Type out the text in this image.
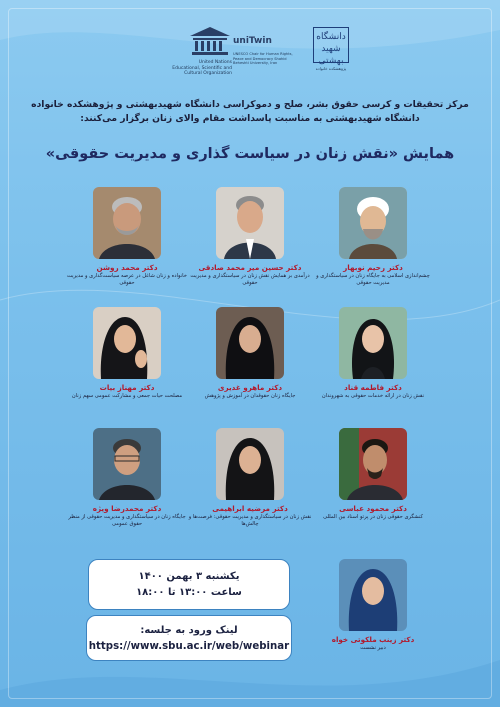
United Nations Educational, Scientific and Cultural Organization
uniTwin
UNESCO Chair for Human Rights, Peace and Democracy Shahid Beheshti University, Iran
دانشگاه شهید بهشتی
پژوهشکده خانواده
مرکز تحقیقات و کرسی حقوق بشر، صلح و دموکراسی دانشگاه شهیدبهشتی و پژوهشکده خانواده
دانشگاه شهیدبهشتی به مناسبت پاسداشت مقام والای زنان برگزار می‌کنند:
همایش «نقش زنان در سیاست گذاری و مدیریت حقوقی»
دکتر رحیم نوبهار
چشم‌اندازی اسلامی به جایگاه زنان در سیاستگذاری و مدیریت حقوقی
دکتر حسین میر محمد صادقی
درآمدی بر همایش نقش زنان در سیاستگذاری و مدیریت حقوقی
دکتر محمد روشن
خانواده و زنان شاغل در عرصه سیاست‌گذاری و مدیریت حقوقی
دکتر فاطمه قناد
نقش زنان در ارائه خدمات حقوقی به شهروندان
دکتر ماهرو غدیری
جایگاه زنان حقوقدان در آموزش و پژوهش
دکتر مهناز بیات
مصلحت حیات جمعی و مشارکت عمومی سهم زنان
دکتر محمود عباسی
کنشگری حقوقی زنان در پرتو اسناد بین المللی
دکتر مرضیه ابراهیمی
نقش زنان در سیاستگذاری و مدیریت حقوقی: فرصت‌ها و چالش‌ها
دکتر محمدرضا ویژه
جایگاه زنان در سیاستگذاری و مدیریت حقوقی از منظر حقوق عمومی
دکتر زینب ملکوتی خواه
دبیر نشست
یکشنبه ۳ بهمن ۱۴۰۰
ساعت ۱۳:۰۰ تا ۱۸:۰۰
لینک ورود به جلسه:
https://www.sbu.ac.ir/web/webinar
